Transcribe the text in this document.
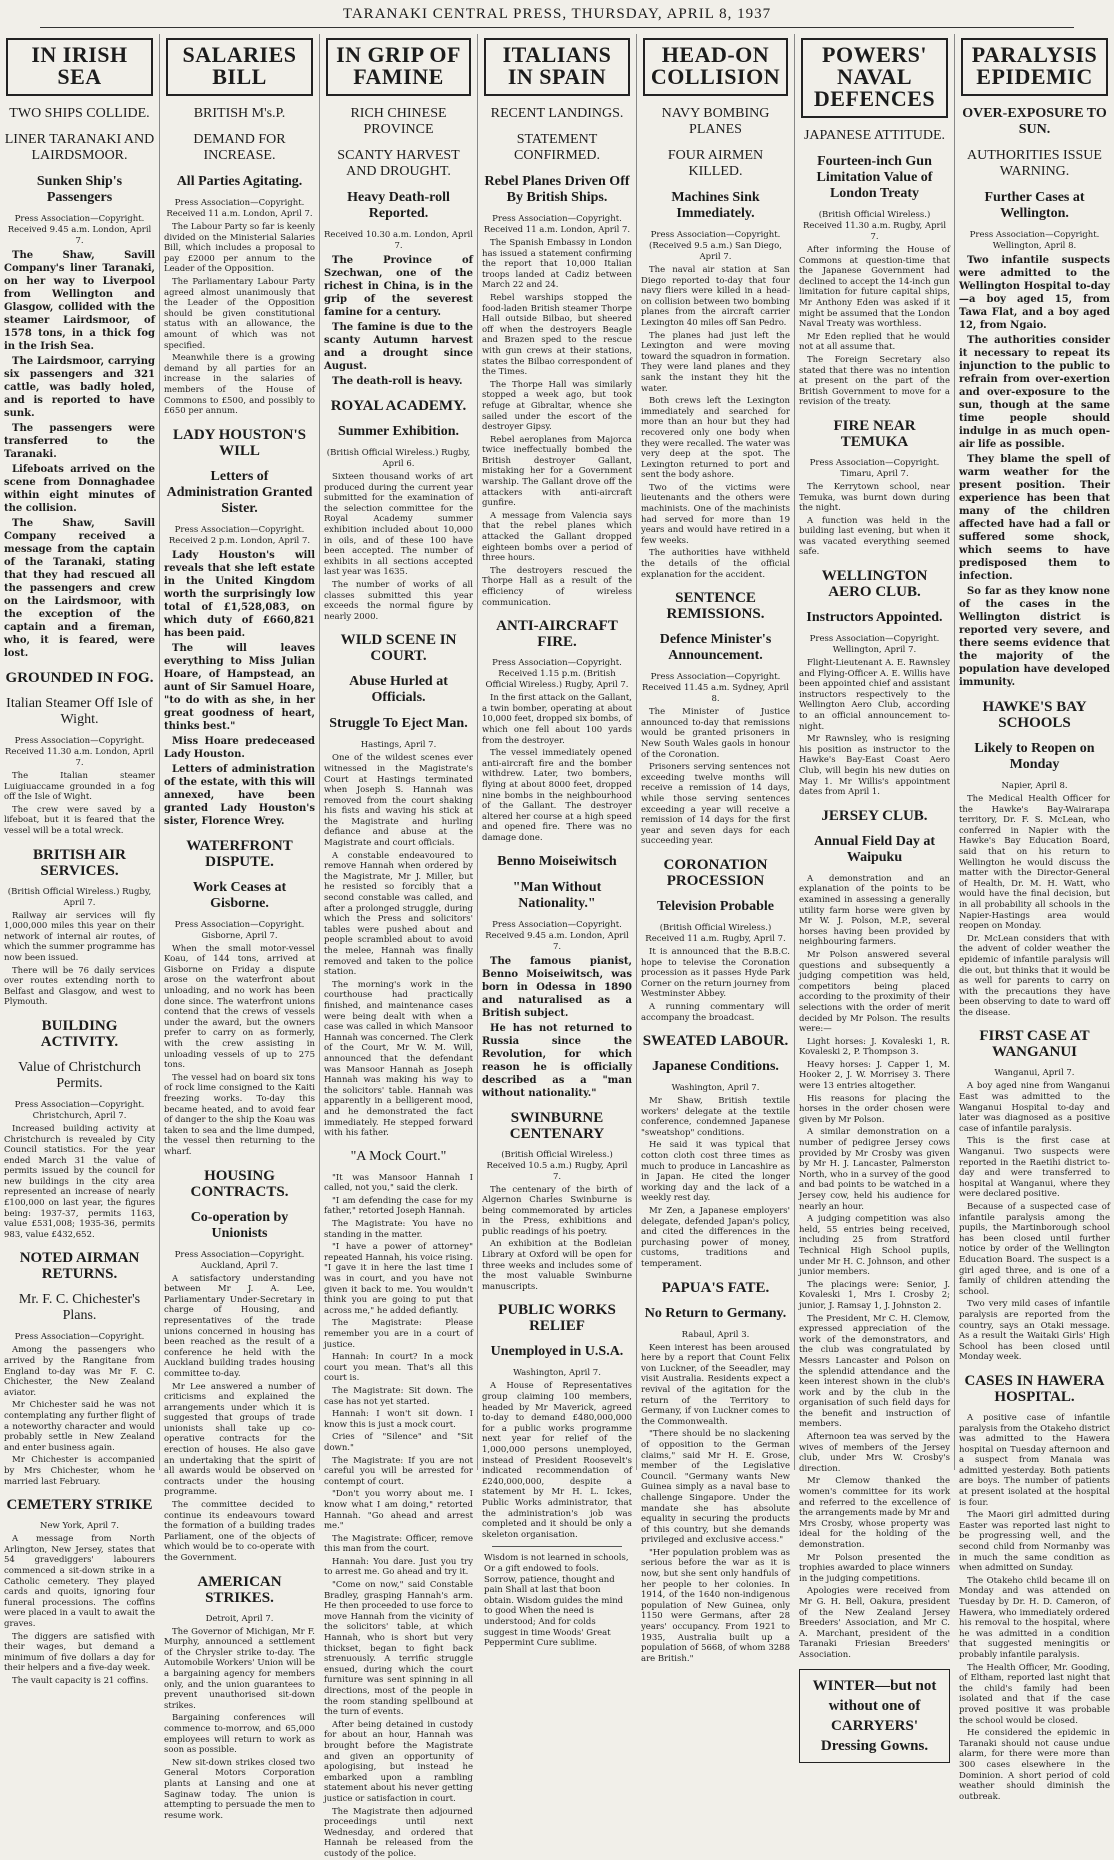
TARANAKI CENTRAL PRESS, THURSDAY, APRIL 8, 1937
IN IRISH SEA
TWO SHIPS COLLIDE.
LINER TARANAKI AND LAIRDSMOOR.
Sunken Ship's Passengers
Press Association—Copyright. Received 9.45 a.m. London, April 7.

The Shaw, Savill Company's liner Taranaki, on her way to Liverpool from Wellington and Glasgow, collided with the steamer Lairdsmoor, of 1578 tons, in a thick fog in the Irish Sea.

The Lairdsmoor, carrying six passengers and 321 cattle, was badly holed, and is reported to have sunk.

The passengers were transferred to the Taranaki.

Lifeboats arrived on the scene from Donnaghadee within eight minutes of the collision.

The Shaw, Savill Company received a message from the captain of the Taranaki, stating that they had rescued all the passengers and crew on the Lairdsmoor, with the exception of the captain and a fireman, who, it is feared, were lost.

GROUNDED IN FOG.
Italian Steamer Off Isle of Wight.
Press Association—Copyright. Received 11.30 a.m. London, April 7.

The Italian steamer Luigiuaccame grounded in a fog off the Isle of Wight.

The crew were saved by a lifeboat, but it is feared that the vessel will be a total wreck.

BRITISH AIR SERVICES.
(British Official Wireless.) Rugby, April 7.

Railway air services will fly 1,000,000 miles this year on their network of internal air routes, of which the summer programme has now been issued.

There will be 76 daily services over routes extending north to Belfast and Glasgow, and west to Plymouth.

BUILDING ACTIVITY.
Value of Christchurch Permits.
Press Association—Copyright. Christchurch, April 7.

Increased building activity at Christchurch is revealed by City Council statistics. For the year ended March 31 the value of permits issued by the council for new buildings in the city area represented an increase of nearly £100,000 on last year, the figures being: 1937-37, permits 1163, value £531,008; 1935-36, permits 983, value £432,652.

NOTED AIRMAN RETURNS.
Mr. F. C. Chichester's Plans.
Press Association—Copyright.

Among the passengers who arrived by the Rangitane from England to-day was Mr F. C. Chichester, the New Zealand aviator.

Mr Chichester said he was not contemplating any further flight of a noteworthy character and would probably settle in New Zealand and enter business again.

Mr Chichester is accompanied by Mrs Chichester, whom he married last February.

CEMETERY STRIKE
New York, April 7.

A message from North Arlington, New Jersey, states that 54 gravediggers' labourers commenced a sit-down strike in a Catholic cemetery. They played cards and quoits, ignoring four funeral processions. The coffins were placed in a vault to await the graves.

The diggers are satisfied with their wages, but demand a minimum of five dollars a day for their helpers and a five-day week.

The vault capacity is 21 coffins.

SALARIES BILL
BRITISH M's.P.
DEMAND FOR INCREASE.
All Parties Agitating.
Press Association—Copyright. Received 11 a.m. London, April 7.

The Labour Party so far is keenly divided on the Ministerial Salaries Bill, which includes a proposal to pay £2000 per annum to the Leader of the Opposition.

The Parliamentary Labour Party agreed almost unanimously that the Leader of the Opposition should be given constitutional status with an allowance, the amount of which was not specified.

Meanwhile there is a growing demand by all parties for an increase in the salaries of members of the House of Commons to £500, and possibly to £650 per annum.

LADY HOUSTON'S WILL
Letters of Administration Granted Sister.
Press Association—Copyright. Received 2 p.m. London, April 7.

Lady Houston's will reveals that she left estate in the United Kingdom worth the surprisingly low total of £1,528,083, on which duty of £660,821 has been paid.

The will leaves everything to Miss Julian Hoare, of Hampstead, an aunt of Sir Samuel Hoare, "to do with as she, in her great goodness of heart, thinks best."

Miss Hoare predeceased Lady Houston.

Letters of administration of the estate, with this will annexed, have been granted Lady Houston's sister, Florence Wrey.

WATERFRONT DISPUTE.
Work Ceases at Gisborne.
Press Association—Copyright. Gisborne, April 7.

When the small motor-vessel Koau, of 144 tons, arrived at Gisborne on Friday a dispute arose on the waterfront about unloading, and no work has been done since. The waterfront unions contend that the crews of vessels under the award, but the owners prefer to carry on as formerly, with the crew assisting in unloading vessels of up to 275 tons.

The vessel had on board six tons of rock lime consigned to the Kaiti freezing works. To-day this became heated, and to avoid fear of danger to the ship the Koau was taken to sea and the lime dumped, the vessel then returning to the wharf.

HOUSING CONTRACTS.
Co-operation by Unionists
Press Association—Copyright. Auckland, April 7.

A satisfactory understanding between Mr J. A. Lee, Parliamentary Under-Secretary in charge of Housing, and representatives of the trade unions concerned in housing has been reached as the result of a conference he held with the Auckland building trades housing committee to-day.

Mr Lee answered a number of criticisms and explained the arrangements under which it is suggested that groups of trade unionists shall take up co-operative contracts for the erection of houses. He also gave an undertaking that the spirit of all awards would be observed on contracts under the housing programme.

The committee decided to continue its endeavours toward the formation of a building trades Parliament, one of the objects of which would be to co-operate with the Government.

AMERICAN STRIKES.
Detroit, April 7.

The Governor of Michigan, Mr F. Murphy, announced a settlement of the Chrysler strike to-day. The Automobile Workers' Union will be a bargaining agency for members only, and the union guarantees to prevent unauthorised sit-down strikes.

Bargaining conferences will commence to-morrow, and 65,000 employees will return to work as soon as possible.

New sit-down strikes closed two General Motors Corporation plants at Lansing and one at Saginaw today. The union is attempting to persuade the men to resume work.

IN GRIP OF FAMINE
RICH CHINESE PROVINCE
SCANTY HARVEST AND DROUGHT.
Heavy Death-roll Reported.
Received 10.30 a.m. London, April 7.

The Province of Szechwan, one of the richest in China, is in the grip of the severest famine for a century.

The famine is due to the scanty Autumn harvest and a drought since August.

The death-roll is heavy.

ROYAL ACADEMY.
Summer Exhibition.
(British Official Wireless.) Rugby, April 6.

Sixteen thousand works of art produced during the current year submitted for the examination of the selection committee for the Royal Academy summer exhibition included about 10,000 in oils, and of these 100 have been accepted. The number of exhibits in all sections accepted last year was 1635.

The number of works of all classes submitted this year exceeds the normal figure by nearly 2000.

WILD SCENE IN COURT.
Abuse Hurled at Officials.
Struggle To Eject Man.
Hastings, April 7.

One of the wildest scenes ever witnessed in the Magistrate's Court at Hastings terminated when Joseph S. Hannah was removed from the court shaking his fists and waving his stick at the Magistrate and hurling defiance and abuse at the Magistrate and court officials.

A constable endeavoured to remove Hannah when ordered by the Magistrate, Mr J. Miller, but he resisted so forcibly that a second constable was called, and after a prolonged struggle, during which the Press and solicitors' tables were pushed about and people scrambled about to avoid the melee, Hannah was finally removed and taken to the police station.

The morning's work in the courthouse had practically finished, and maintenance cases were being dealt with when a case was called in which Mansoor Hannah was concerned. The Clerk of the Court, Mr W. M. Will, announced that the defendant was Mansoor Hannah as Joseph Hannah was making his way to the solicitors' table. Hannah was apparently in a belligerent mood, and he demonstrated the fact immediately. He stepped forward with his father.

"A Mock Court."

"It was Mansoor Hannah I called, not you," said the clerk.

"I am defending the case for my father," retorted Joseph Hannah.

The Magistrate: You have no standing in the matter.

"I have a power of attorney" repeated Hannah, his voice rising. "I gave it in here the last time I was in court, and you have not given it back to me. You wouldn't think you are going to put that across me," he added defiantly.

The Magistrate: Please remember you are in a court of justice.

Hannah: In court? In a mock court you mean. That's all this court is.

The Magistrate: Sit down. The case has not yet started.

Hannah: I won't sit down. I know this is just a mock court.

Cries of "Silence" and "Sit down."

The Magistrate: If you are not careful you will be arrested for contempt of court.

"Don't you worry about me. I know what I am doing," retorted Hannah. "Go ahead and arrest me."

The Magistrate: Officer, remove this man from the court.

Hannah: You dare. Just you try to arrest me. Go ahead and try it.

"Come on now," said Constable Bradley, grasping Hannah's arm. He then proceeded to use force to move Hannah from the vicinity of the solicitors' table, at which Hannah, who is short but very thickset, began to fight back strenuously. A terrific struggle ensued, during which the court furniture was sent spinning in all directions, most of the people in the room standing spellbound at the turn of events.

After being detained in custody for about an hour, Hannah was brought before the Magistrate and given an opportunity of apologising, but instead he embarked upon a rambling statement about his never getting justice or satisfaction in court.

The Magistrate then adjourned proceedings until next Wednesday, and ordered that Hannah be released from the custody of the police.

ITALIANS IN SPAIN
RECENT LANDINGS.
STATEMENT CONFIRMED.
Rebel Planes Driven Off By British Ships.
Press Association—Copyright. Received 11 a.m. London, April 7.

The Spanish Embassy in London has issued a statement confirming the report that 10,000 Italian troops landed at Cadiz between March 22 and 24.

Rebel warships stopped the food-laden British steamer Thorpe Hall outside Bilbao, but sheered off when the destroyers Beagle and Brazen sped to the rescue with gun crews at their stations, states the Bilbao correspondent of the Times.

The Thorpe Hall was similarly stopped a week ago, but took refuge at Gibraltar, whence she sailed under the escort of the destroyer Gipsy.

Rebel aeroplanes from Majorca twice ineffectually bombed the British destroyer Gallant, mistaking her for a Government warship. The Gallant drove off the attackers with anti-aircraft gunfire.

A message from Valencia says that the rebel planes which attacked the Gallant dropped eighteen bombs over a period of three hours.

The destroyers rescued the Thorpe Hall as a result of the efficiency of wireless communication.

ANTI-AIRCRAFT FIRE.
Press Association—Copyright. Received 1.15 p.m. (British Official Wireless.) Rugby, April 7.

In the first attack on the Gallant, a twin bomber, operating at about 10,000 feet, dropped six bombs, of which one fell about 100 yards from the destroyer.

The vessel immediately opened anti-aircraft fire and the bomber withdrew. Later, two bombers, flying at about 8000 feet, dropped nine bombs in the neighbourhood of the Gallant. The destroyer altered her course at a high speed and opened fire. There was no damage done.

Benno Moiseiwitsch
"Man Without Nationality."
Press Association—Copyright. Received 9.45 a.m. London, April 7.

The famous pianist, Benno Moiseiwitsch, was born in Odessa in 1890 and naturalised as a British subject.

He has not returned to Russia since the Revolution, for which reason he is officially described as a "man without nationality."

SWINBURNE CENTENARY
(British Official Wireless.) Received 10.5 a.m.) Rugby, April 7.

The centenary of the birth of Algernon Charles Swinburne is being commemorated by articles in the Press, exhibitions and public readings of his poetry.

An exhibition at the Bodleian Library at Oxford will be open for three weeks and includes some of the most valuable Swinburne manuscripts.

PUBLIC WORKS RELIEF
Unemployed in U.S.A.
Washington, April 7.

A House of Representatives group claiming 100 members, headed by Mr Maverick, agreed to-day to demand £480,000,000 for a public works programme next year for relief of the 1,000,000 persons unemployed, instead of President Roosevelt's indicated recommendation of £240,000,000, despite a statement by Mr H. L. Ickes, Public Works administrator, that the administration's job was completed and it should be only a skeleton organisation.

Wisdom is not learned in schools, Or a gift endowed to fools. Sorrow, patience, thought and pain Shall at last that boon obtain. Wisdom guides the mind to good When the need is understood; And for colds suggest in time Woods' Great Peppermint Cure sublime.

HEAD-ON COLLISION
NAVY BOMBING PLANES
FOUR AIRMEN KILLED.
Machines Sink Immediately.
Press Association—Copyright. (Received 9.5 a.m.) San Diego, April 7.

The naval air station at San Diego reported to-day that four navy fliers were killed in a head-on collision between two bombing planes from the aircraft carrier Lexington 40 miles off San Pedro.

The planes had just left the Lexington and were moving toward the squadron in formation. They were land planes and they sank the instant they hit the water.

Both crews left the Lexington immediately and searched for more than an hour but they had recovered only one body when they were recalled. The water was very deep at the spot. The Lexington returned to port and sent the body ashore.

Two of the victims were lieutenants and the others were machinists. One of the machinists had served for more than 19 years and would have retired in a few weeks.

The authorities have withheld the details of the official explanation for the accident.

SENTENCE REMISSIONS.
Defence Minister's Announcement.
Press Association—Copyright. Received 11.45 a.m. Sydney, April 8.

The Minister of Justice announced to-day that remissions would be granted prisoners in New South Wales gaols in honour of the Coronation.

Prisoners serving sentences not exceeding twelve months will receive a remission of 14 days, while those serving sentences exceeding a year will receive a remission of 14 days for the first year and seven days for each succeeding year.

CORONATION PROCESSION
Television Probable
(British Official Wireless.) Received 11 a.m. Rugby, April 7.

It is announced that the B.B.C. hope to televise the Coronation procession as it passes Hyde Park Corner on the return journey from Westminster Abbey.

A running commentary will accompany the broadcast.

SWEATED LABOUR.
Japanese Conditions.
Washington, April 7.

Mr Shaw, British textile workers' delegate at the textile conference, condemned Japanese "sweatshop" conditions.

He said it was typical that cotton cloth cost three times as much to produce in Lancashire as in Japan. He cited the longer working day and the lack of a weekly rest day.

Mr Zen, a Japanese employers' delegate, defended Japan's policy, and cited the differences in the purchasing power of money, customs, traditions and temperament.

PAPUA'S FATE.
No Return to Germany.
Rabaul, April 3.

Keen interest has been aroused here by a report that Count Felix von Luckner, of the Seeadler, may visit Australia. Residents expect a revival of the agitation for the return of the Territory to Germany, if von Luckner comes to the Commonwealth.

"There should be no slackening of opposition to the German claims," said Mr H. E. Grose, member of the Legislative Council. "Germany wants New Guinea simply as a naval base to challenge Singapore. Under the mandate she has absolute equality in securing the products of this country, but she demands privileged and exclusive access."

"Her population problem was as serious before the war as it is now, but she sent only handfuls of her people to her colonies. In 1914, of the 1640 non-indigenous population of New Guinea, only 1150 were Germans, after 28 years' occupancy. From 1921 to 1935, Australia built up a population of 5668, of whom 3288 are British."

POWERS' NAVAL DEFENCES
JAPANESE ATTITUDE.
Fourteen-inch Gun Limitation Value of London Treaty
(British Official Wireless.) Received 11.30 a.m. Rugby, April 7.

After informing the House of Commons at question-time that the Japanese Government had declined to accept the 14-inch gun limitation for future capital ships, Mr Anthony Eden was asked if it might be assumed that the London Naval Treaty was worthless.

Mr Eden replied that he would not at all assume that.

The Foreign Secretary also stated that there was no intention at present on the part of the British Government to move for a revision of the treaty.

FIRE NEAR TEMUKA
Press Association—Copyright. Timaru, April 7.

The Kerrytown school, near Temuka, was burnt down during the night.

A function was held in the building last evening, but when it was vacated everything seemed safe.

WELLINGTON AERO CLUB.
Instructors Appointed.
Press Association—Copyright. Wellington, April 7.

Flight-Lieutenant A. E. Rawnsley and Flying-Officer A. E. Willis have been appointed chief and assistant instructors respectively to the Wellington Aero Club, according to an official announcement to-night.

Mr Rawnsley, who is resigning his position as instructor to the Hawke's Bay-East Coast Aero Club, will begin his new duties on May 1. Mr Willis's appointment dates from April 1.

JERSEY CLUB.
Annual Field Day at Waipuku

A demonstration and an explanation of the points to be examined in assessing a generally utility farm horse were given by Mr W. J. Polson, M.P., several horses having been provided by neighbouring farmers.

Mr Polson answered several questions and subsequently a judging competition was held, competitors being placed according to the proximity of their selections with the order of merit decided by Mr Polson. The results were:—

Light horses: J. Kovaleski 1, R. Kovaleski 2, P. Thompson 3.

Heavy horses: J. Capper 1, M. Hooker 2, J. W. Morrisey 3. There were 13 entries altogether.

His reasons for placing the horses in the order chosen were given by Mr Polson.

A similar demonstration on a number of pedigree Jersey cows provided by Mr Crosby was given by Mr H. J. Lancaster, Palmerston North, who in a survey of the good and bad points to be watched in a Jersey cow, held his audience for nearly an hour.

A judging competition was also held, 55 entries being received, including 25 from Stratford Technical High School pupils, under Mr H. C. Johnson, and other junior members.

The placings were: Senior, J. Kovaleski 1, Mrs I. Crosby 2; junior, J. Ramsay 1, J. Johnston 2.

The President, Mr C. H. Clemow, expressed appreciation of the work of the demonstrators, and the club was congratulated by Messrs Lancaster and Polson on the splendid attendance and the keen interest shown in the club's work and by the club in the organisation of such field days for the benefit and instruction of members.

Afternoon tea was served by the wives of members of the Jersey club, under Mrs W. Crosby's direction.

Mr Clemow thanked the women's committee for its work and referred to the excellence of the arrangements made by Mr and Mrs Crosby, whose property was ideal for the holding of the demonstration.

Mr Polson presented the trophies awarded to place winners in the judging competitions.

Apologies were received from Mr G. H. Bell, Oakura, president of the New Zealand Jersey Breeders' Association, and Mr C. A. Marchant, president of the Taranaki Friesian Breeders' Association.

WINTER—but not without one of CARRYERS' Dressing Gowns.
PARALYSIS EPIDEMIC
OVER-EXPOSURE TO SUN.
AUTHORITIES ISSUE WARNING.
Further Cases at Wellington.
Press Association—Copyright. Wellington, April 8.

Two infantile suspects were admitted to the Wellington Hospital to-day—a boy aged 15, from Tawa Flat, and a boy aged 12, from Ngaio.

The authorities consider it necessary to repeat its injunction to the public to refrain from over-exertion and over-exposure to the sun, though at the same time people should indulge in as much open-air life as possible.

They blame the spell of warm weather for the present position. Their experience has been that many of the children affected have had a fall or suffered some shock, which seems to have predisposed them to infection.

So far as they know none of the cases in the Wellington district is reported very severe, and there seems evidence that the majority of the population have developed immunity.

HAWKE'S BAY SCHOOLS
Likely to Reopen on Monday
Napier, April 8.

The Medical Health Officer for the Hawke's Bay-Wairarapa territory, Dr. F. S. McLean, who conferred in Napier with the Hawke's Bay Education Board, said that on his return to Wellington he would discuss the matter with the Director-General of Health, Dr. M. H. Watt, who would have the final decision, but in all probability all schools in the Napier-Hastings area would reopen on Monday.

Dr. McLean considers that with the advent of colder weather the epidemic of infantile paralysis will die out, but thinks that it would be as well for parents to carry on with the precautions they have been observing to date to ward off the disease.

FIRST CASE AT WANGANUI
Wanganui, April 7.

A boy aged nine from Wanganui East was admitted to the Wanganui Hospital to-day and later was diagnosed as a positive case of infantile paralysis.

This is the first case at Wanganui. Two suspects were reported in the Raetihi district to-day and were transferred to hospital at Wanganui, where they were declared positive.

Because of a suspected case of infantile paralysis among the pupils, the Martinborough school has been closed until further notice by order of the Wellington Education Board. The suspect is a girl aged three, and is one of a family of children attending the school.

Two very mild cases of infantile paralysis are reported from the country, says an Otaki message. As a result the Waitaki Girls' High School has been closed until Monday week.

CASES IN HAWERA HOSPITAL.

A positive case of infantile paralysis from the Otakeho district was admitted to the Hawera hospital on Tuesday afternoon and a suspect from Manaia was admitted yesterday. Both patients are boys. The number of patients at present isolated at the hospital is four.

The Maori girl admitted during Easter was reported last night to be progressing well, and the second child from Normanby was in much the same condition as when admitted on Sunday.

The Otakeho child became ill on Monday and was attended on Tuesday by Dr. H. D. Cameron, of Hawera, who immediately ordered his removal to the hospital, where he was admitted in a condition that suggested meningitis or probably infantile paralysis.

The Health Officer, Mr. Gooding, of Eltham, reported last night that the child's family had been isolated and that if the case proved positive it was probable the school would be closed.

He considered the epidemic in Taranaki should not cause undue alarm, for there were more than 300 cases elsewhere in the Dominion. A short period of cold weather should diminish the outbreak.
